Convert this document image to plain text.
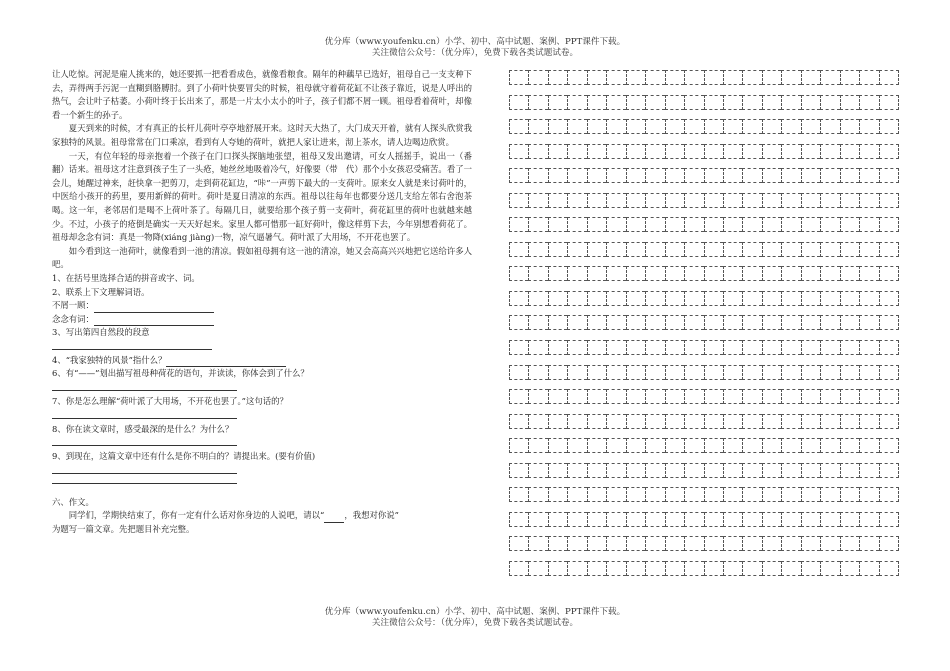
优分库（www.youfenku.cn）小学、初中、高中试题、案例、PPT课件下载。
关注微信公众号：（优分库），免费下载各类试题试卷。

让人吃惊。河泥是雇人挑来的，她还要抓一把看看成色，就像看粮食。隔年的种藕早已选好，祖母自己一支支种下去，弄得两手污泥一直糊到胳膊肘。到了小荷叶快要冒尖的时候，祖母就守着荷花缸不让孩子靠近，说是人呼出的热气，会让叶子枯萎。小荷叶终于长出来了，那是一片太小太小的叶子，孩子们都不屑一顾。祖母看着荷叶，却像看一个新生的孙子。

夏天到来的时候，才有真正的长杆儿荷叶亭亭地舒展开来。这时天大热了，大门成天开着，就有人探头欣赏我家独特的风景。祖母常常在门口乘凉，看到有人夸她的荷叶，就把人家让进来，沏上茶水，请人边喝边欣赏。

一天，有位年轻的母亲抱着一个孩子在门口探头探脑地张望，祖母又发出邀请，可女人摇摇手，说出一（番　翻）话来。祖母这才注意到孩子生了一头疮，她丝丝地吸着冷气，好像要（带　代）那个小女孩忍受痛苦。看了一会儿，她醒过神来，赶快拿一把剪刀，走到荷花缸边，“咔”一声剪下最大的一支荷叶。原来女人就是来讨荷叶的，中医给小孩开的药里，要用新鲜的荷叶。荷叶是夏日清凉的东西。祖母以往每年也都要分送几支给左邻右舍泡茶喝。这一年，老邻居们是喝不上荷叶茶了。每隔几日，就要给那个孩子剪一支荷叶，荷花缸里的荷叶也就越来越少。不过，小孩子的疮倒是确实一天天好起来。家里人都可惜那一缸好荷叶，像这样剪下去，今年别想看荷花了。祖母却念念有词：真是一物降(xiáng jiàng)一物，凉气逼暑气。荷叶派了大用场，不开花也罢了。

如今看到这一池荷叶，就像看到一池的清凉。假如祖母拥有这一池的清凉，她又会高高兴兴地把它送给许多人吧。

1、在括号里选择合适的拼音或字、词。

2、联系上下文理解词语。

不屑一顾：

念念有词：

3、写出第四自然段的段意

4、“我家独特的风景”指什么？

6、有“——”划出描写祖母种荷花的语句，并读读，你体会到了什么？

7、你是怎么理解“荷叶派了大用场，不开花也罢了。”这句话的？

8、你在读文章时，感受最深的是什么？为什么？

9、到现在，这篇文章中还有什么是你不明白的？请提出来。(要有价值)

六、作文。

同学们，学期快结束了，你有一定有什么话对你身边的人说吧，请以“ ，我想对你说”

为题写一篇文章。先把题目补充完整。

优分库（www.youfenku.cn）小学、初中、高中试题、案例、PPT课件下载。
关注微信公众号：（优分库），免费下载各类试题试卷。
